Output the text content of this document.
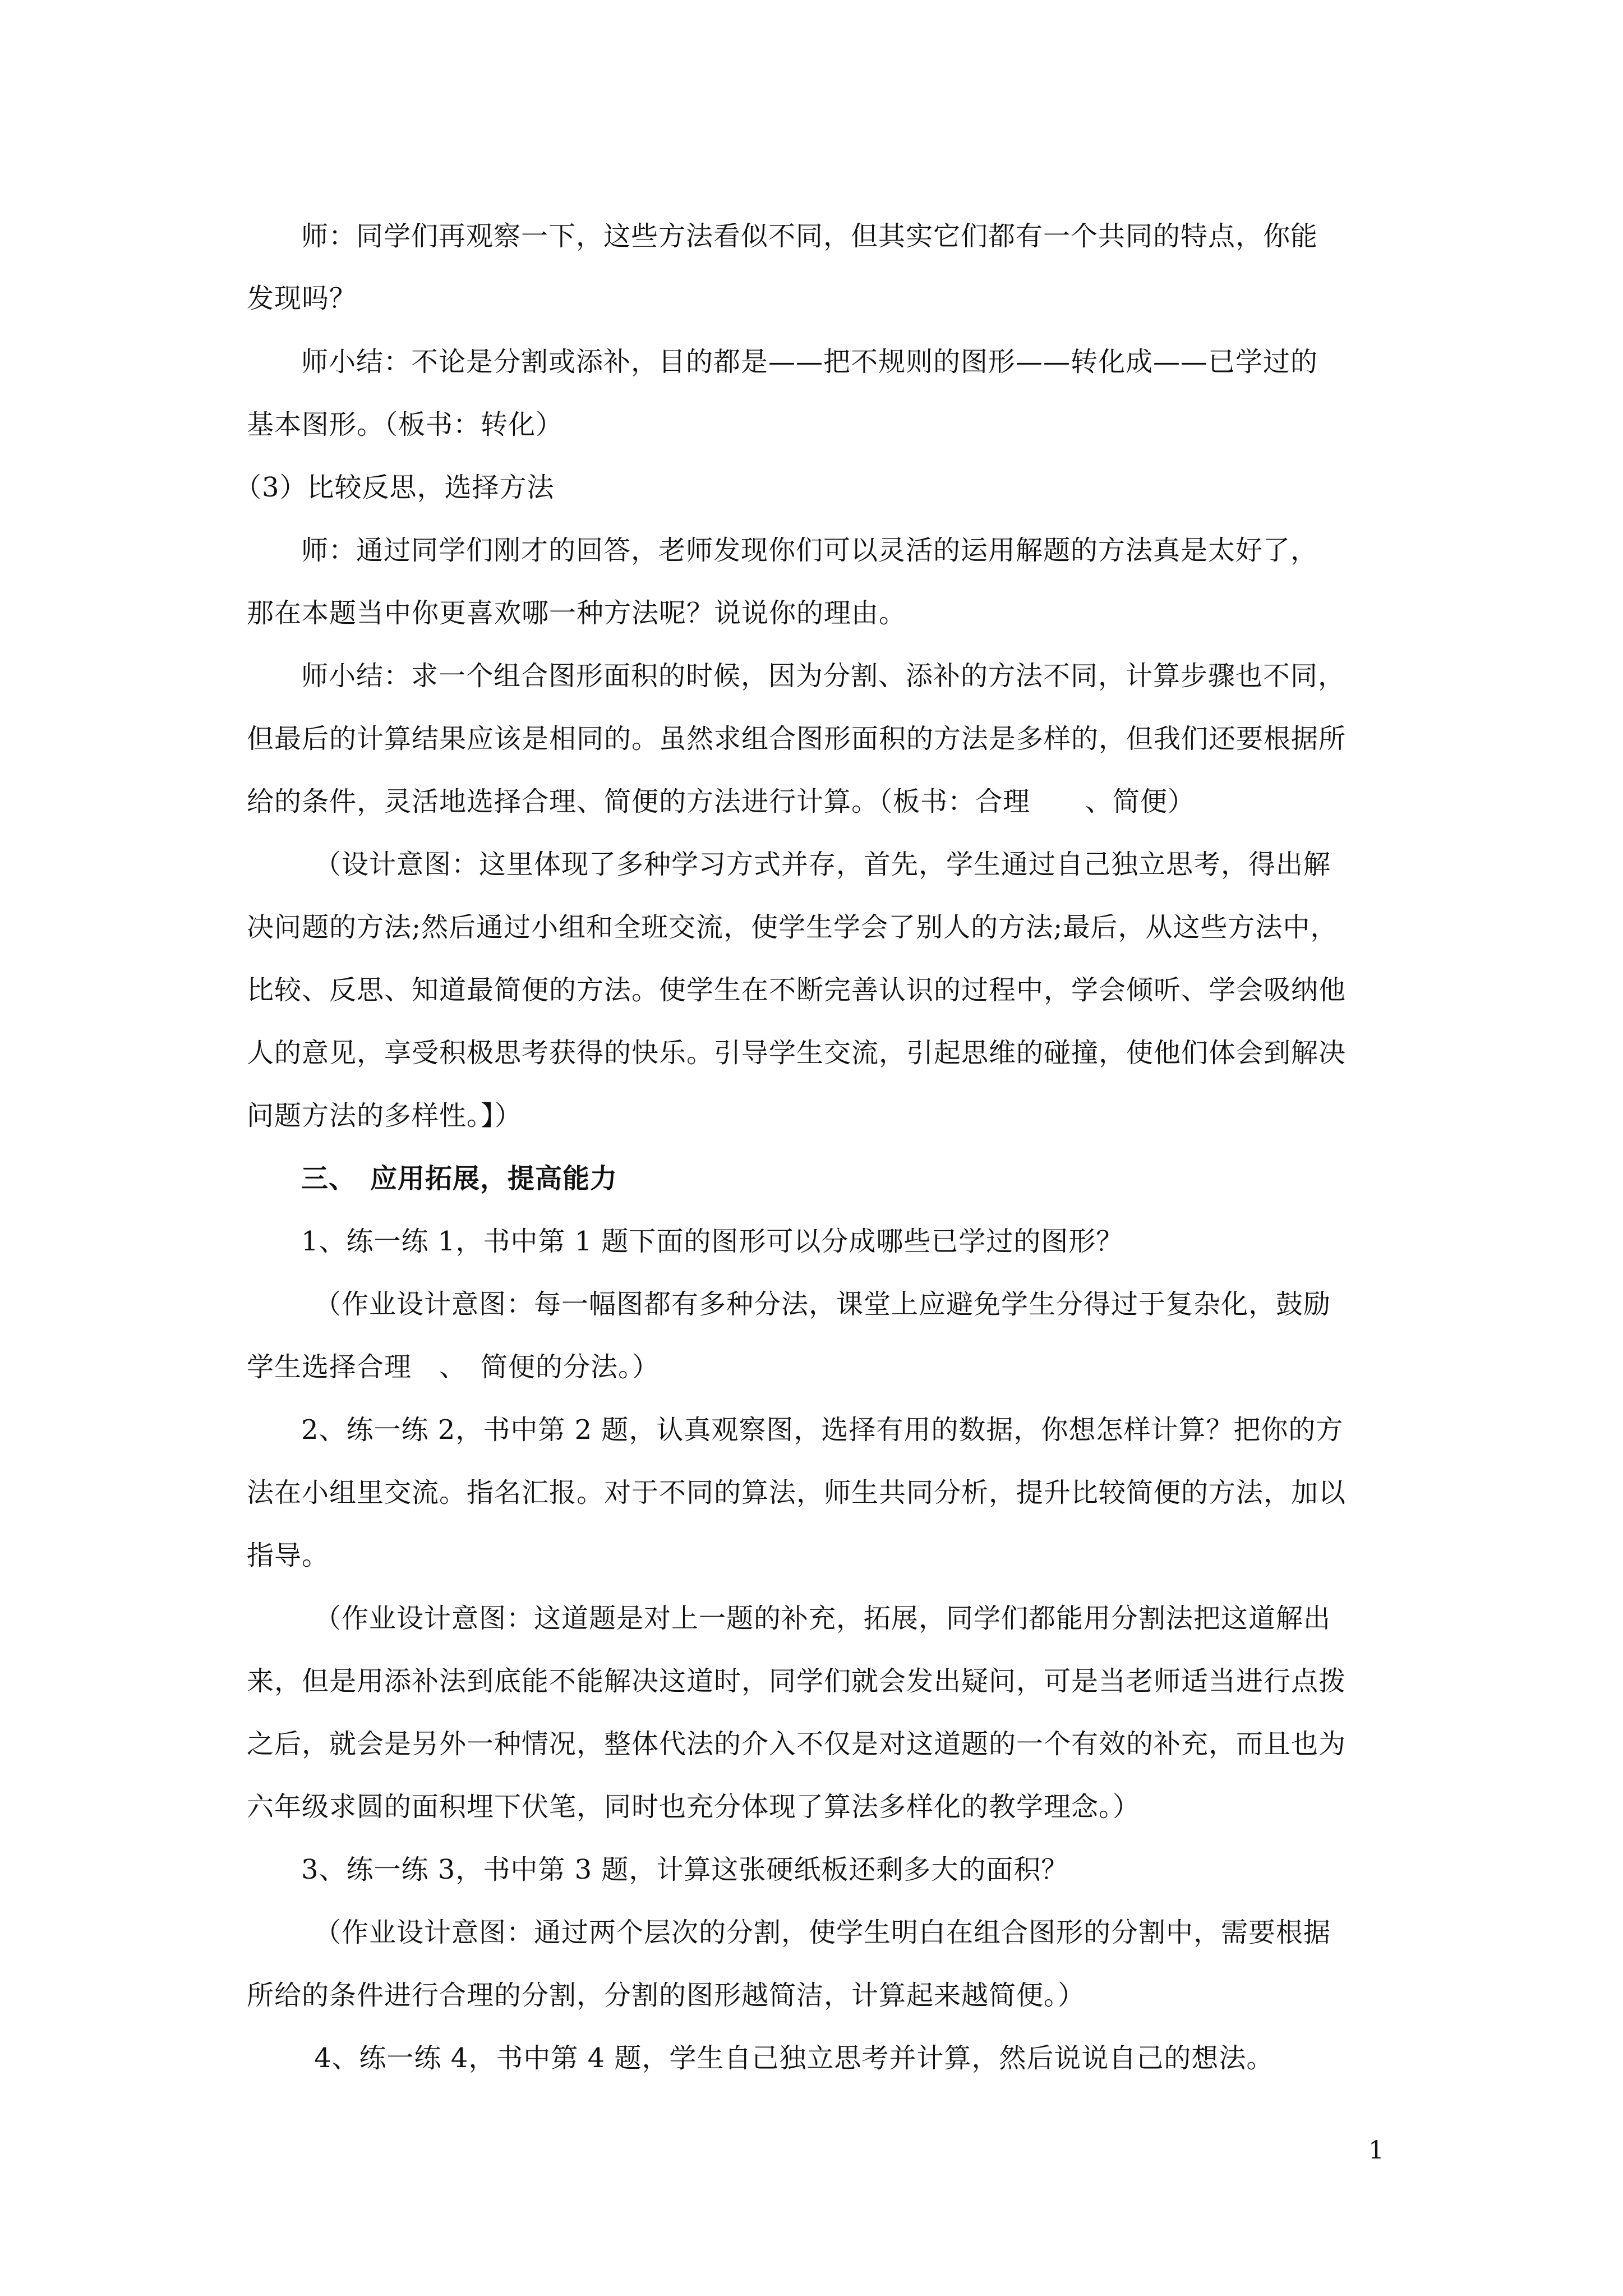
师：同学们再观察一下，这些方法看似不同，但其实它们都有一个共同的特点，你能
发现吗？
师小结：不论是分割或添补，目的都是——把不规则的图形——转化成——已学过的
基本图形。（板书：转化）
（3）比较反思，选择方法
师：通过同学们刚才的回答，老师发现你们可以灵活的运用解题的方法真是太好了，
那在本题当中你更喜欢哪一种方法呢？说说你的理由。
师小结：求一个组合图形面积的时候，因为分割、添补的方法不同，计算步骤也不同，
但最后的计算结果应该是相同的。虽然求组合图形面积的方法是多样的，但我们还要根据所
给的条件，灵活地选择合理、简便的方法进行计算。（板书：合理　　、简便）
（设计意图：这里体现了多种学习方式并存，首先，学生通过自己独立思考，得出解
决问题的方法;然后通过小组和全班交流，使学生学会了别人的方法;最后，从这些方法中，
比较、反思、知道最简便的方法。使学生在不断完善认识的过程中，学会倾听、学会吸纳他
人的意见，享受积极思考获得的快乐。引导学生交流，引起思维的碰撞，使他们体会到解决
问题方法的多样性。】）
三、　应用拓展，提高能力
1、练一练 1，书中第 1 题下面的图形可以分成哪些已学过的图形？
（作业设计意图：每一幅图都有多种分法，课堂上应避免学生分得过于复杂化，鼓励
学生选择合理　、　简便的分法。）
2、练一练 2，书中第 2 题，认真观察图，选择有用的数据，你想怎样计算？把你的方
法在小组里交流。指名汇报。对于不同的算法，师生共同分析，提升比较简便的方法，加以
指导。
（作业设计意图：这道题是对上一题的补充，拓展，同学们都能用分割法把这道解出
来，但是用添补法到底能不能解决这道时，同学们就会发出疑问，可是当老师适当进行点拨
之后，就会是另外一种情况，整体代法的介入不仅是对这道题的一个有效的补充，而且也为
六年级求圆的面积埋下伏笔，同时也充分体现了算法多样化的教学理念。）
3、练一练 3，书中第 3 题，计算这张硬纸板还剩多大的面积？
（作业设计意图：通过两个层次的分割，使学生明白在组合图形的分割中，需要根据
所给的条件进行合理的分割，分割的图形越简洁，计算起来越简便。）
4、练一练 4，书中第 4 题，学生自己独立思考并计算，然后说说自己的想法。
1
